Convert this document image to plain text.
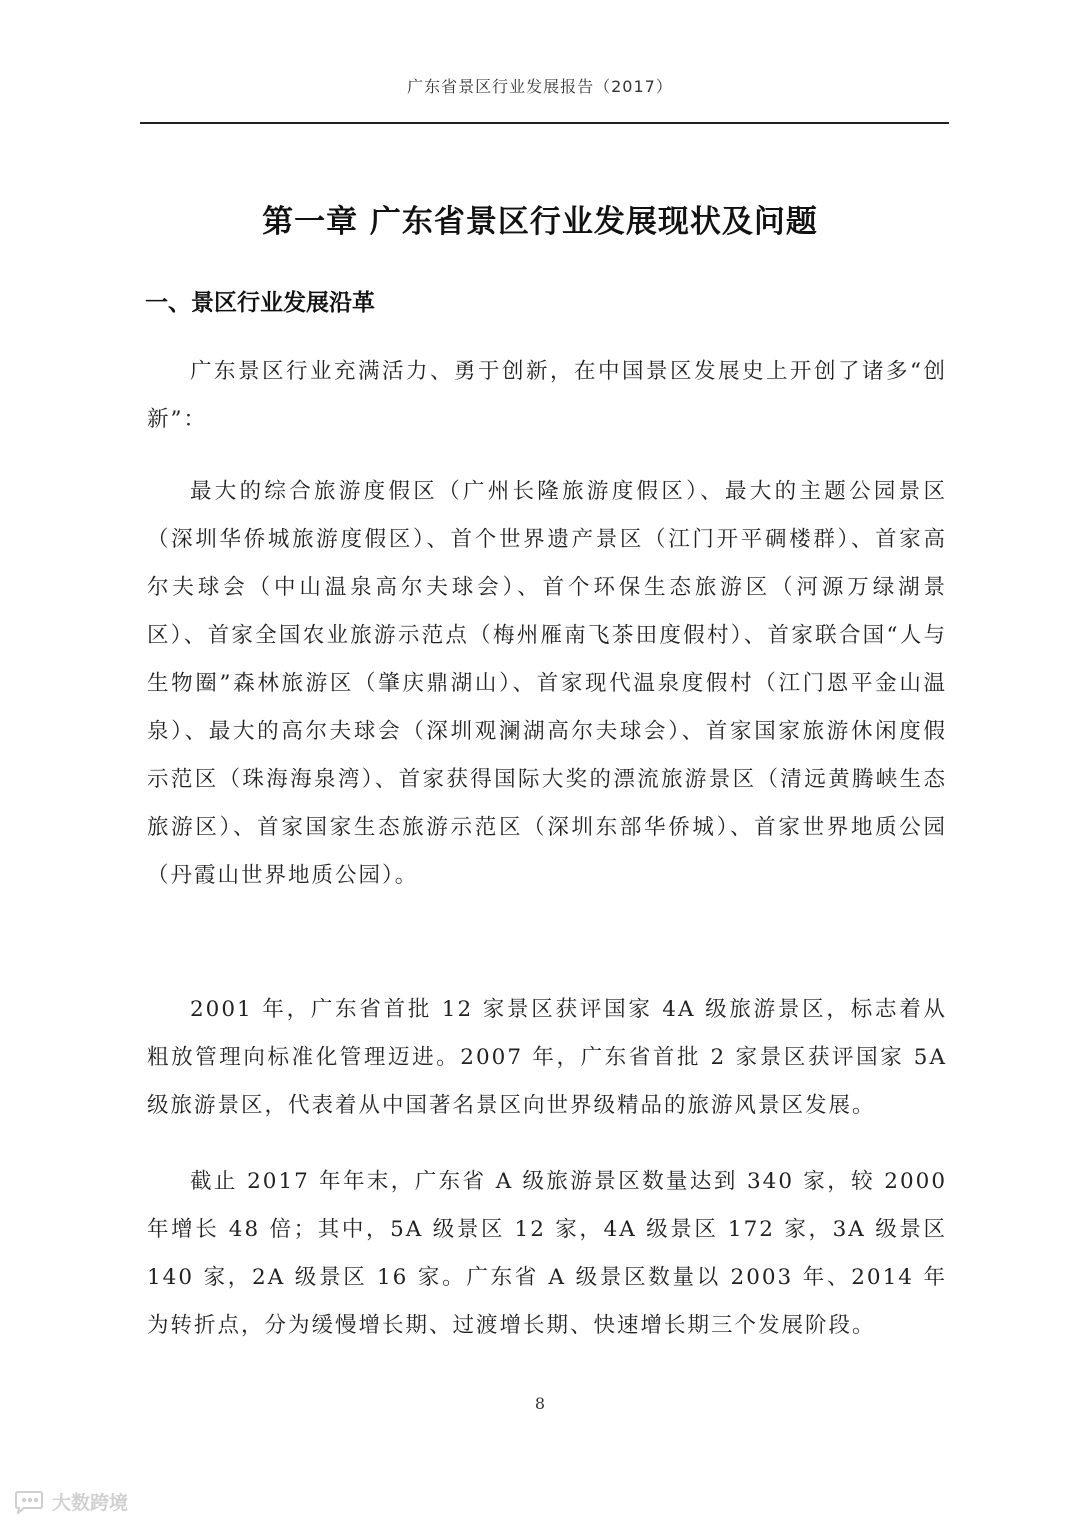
广东省景区行业发展报告（2017）
第一章 广东省景区行业发展现状及问题
一、景区行业发展沿革

广东景区行业充满活力、勇于创新，在中国景区发展史上开创了诸多“创新”：

最大的综合旅游度假区（广州长隆旅游度假区）、最大的主题公园景区（深圳华侨城旅游度假区）、首个世界遗产景区（江门开平碉楼群）、首家高尔夫球会（中山温泉高尔夫球会）、首个环保生态旅游区（河源万绿湖景区）、首家全国农业旅游示范点（梅州雁南飞茶田度假村）、首家联合国“人与生物圈”森林旅游区（肇庆鼎湖山）、首家现代温泉度假村（江门恩平金山温泉）、最大的高尔夫球会（深圳观澜湖高尔夫球会）、首家国家旅游休闲度假示范区（珠海海泉湾）、首家获得国际大奖的漂流旅游景区（清远黄腾峡生态旅游区）、首家国家生态旅游示范区（深圳东部华侨城）、首家世界地质公园（丹霞山世界地质公园）。

2001 年，广东省首批 12 家景区获评国家 4A 级旅游景区，标志着从粗放管理向标准化管理迈进。2007 年，广东省首批 2 家景区获评国家 5A 级旅游景区，代表着从中国著名景区向世界级精品的旅游风景区发展。

截止 2017 年年末，广东省 A 级旅游景区数量达到 340 家，较 2000 年增长 48 倍；其中，5A 级景区 12 家，4A 级景区 172 家，3A 级景区 140 家，2A 级景区 16 家。广东省 A 级景区数量以 2003 年、2014 年为转折点，分为缓慢增长期、过渡增长期、快速增长期三个发展阶段。

8
大数跨境
